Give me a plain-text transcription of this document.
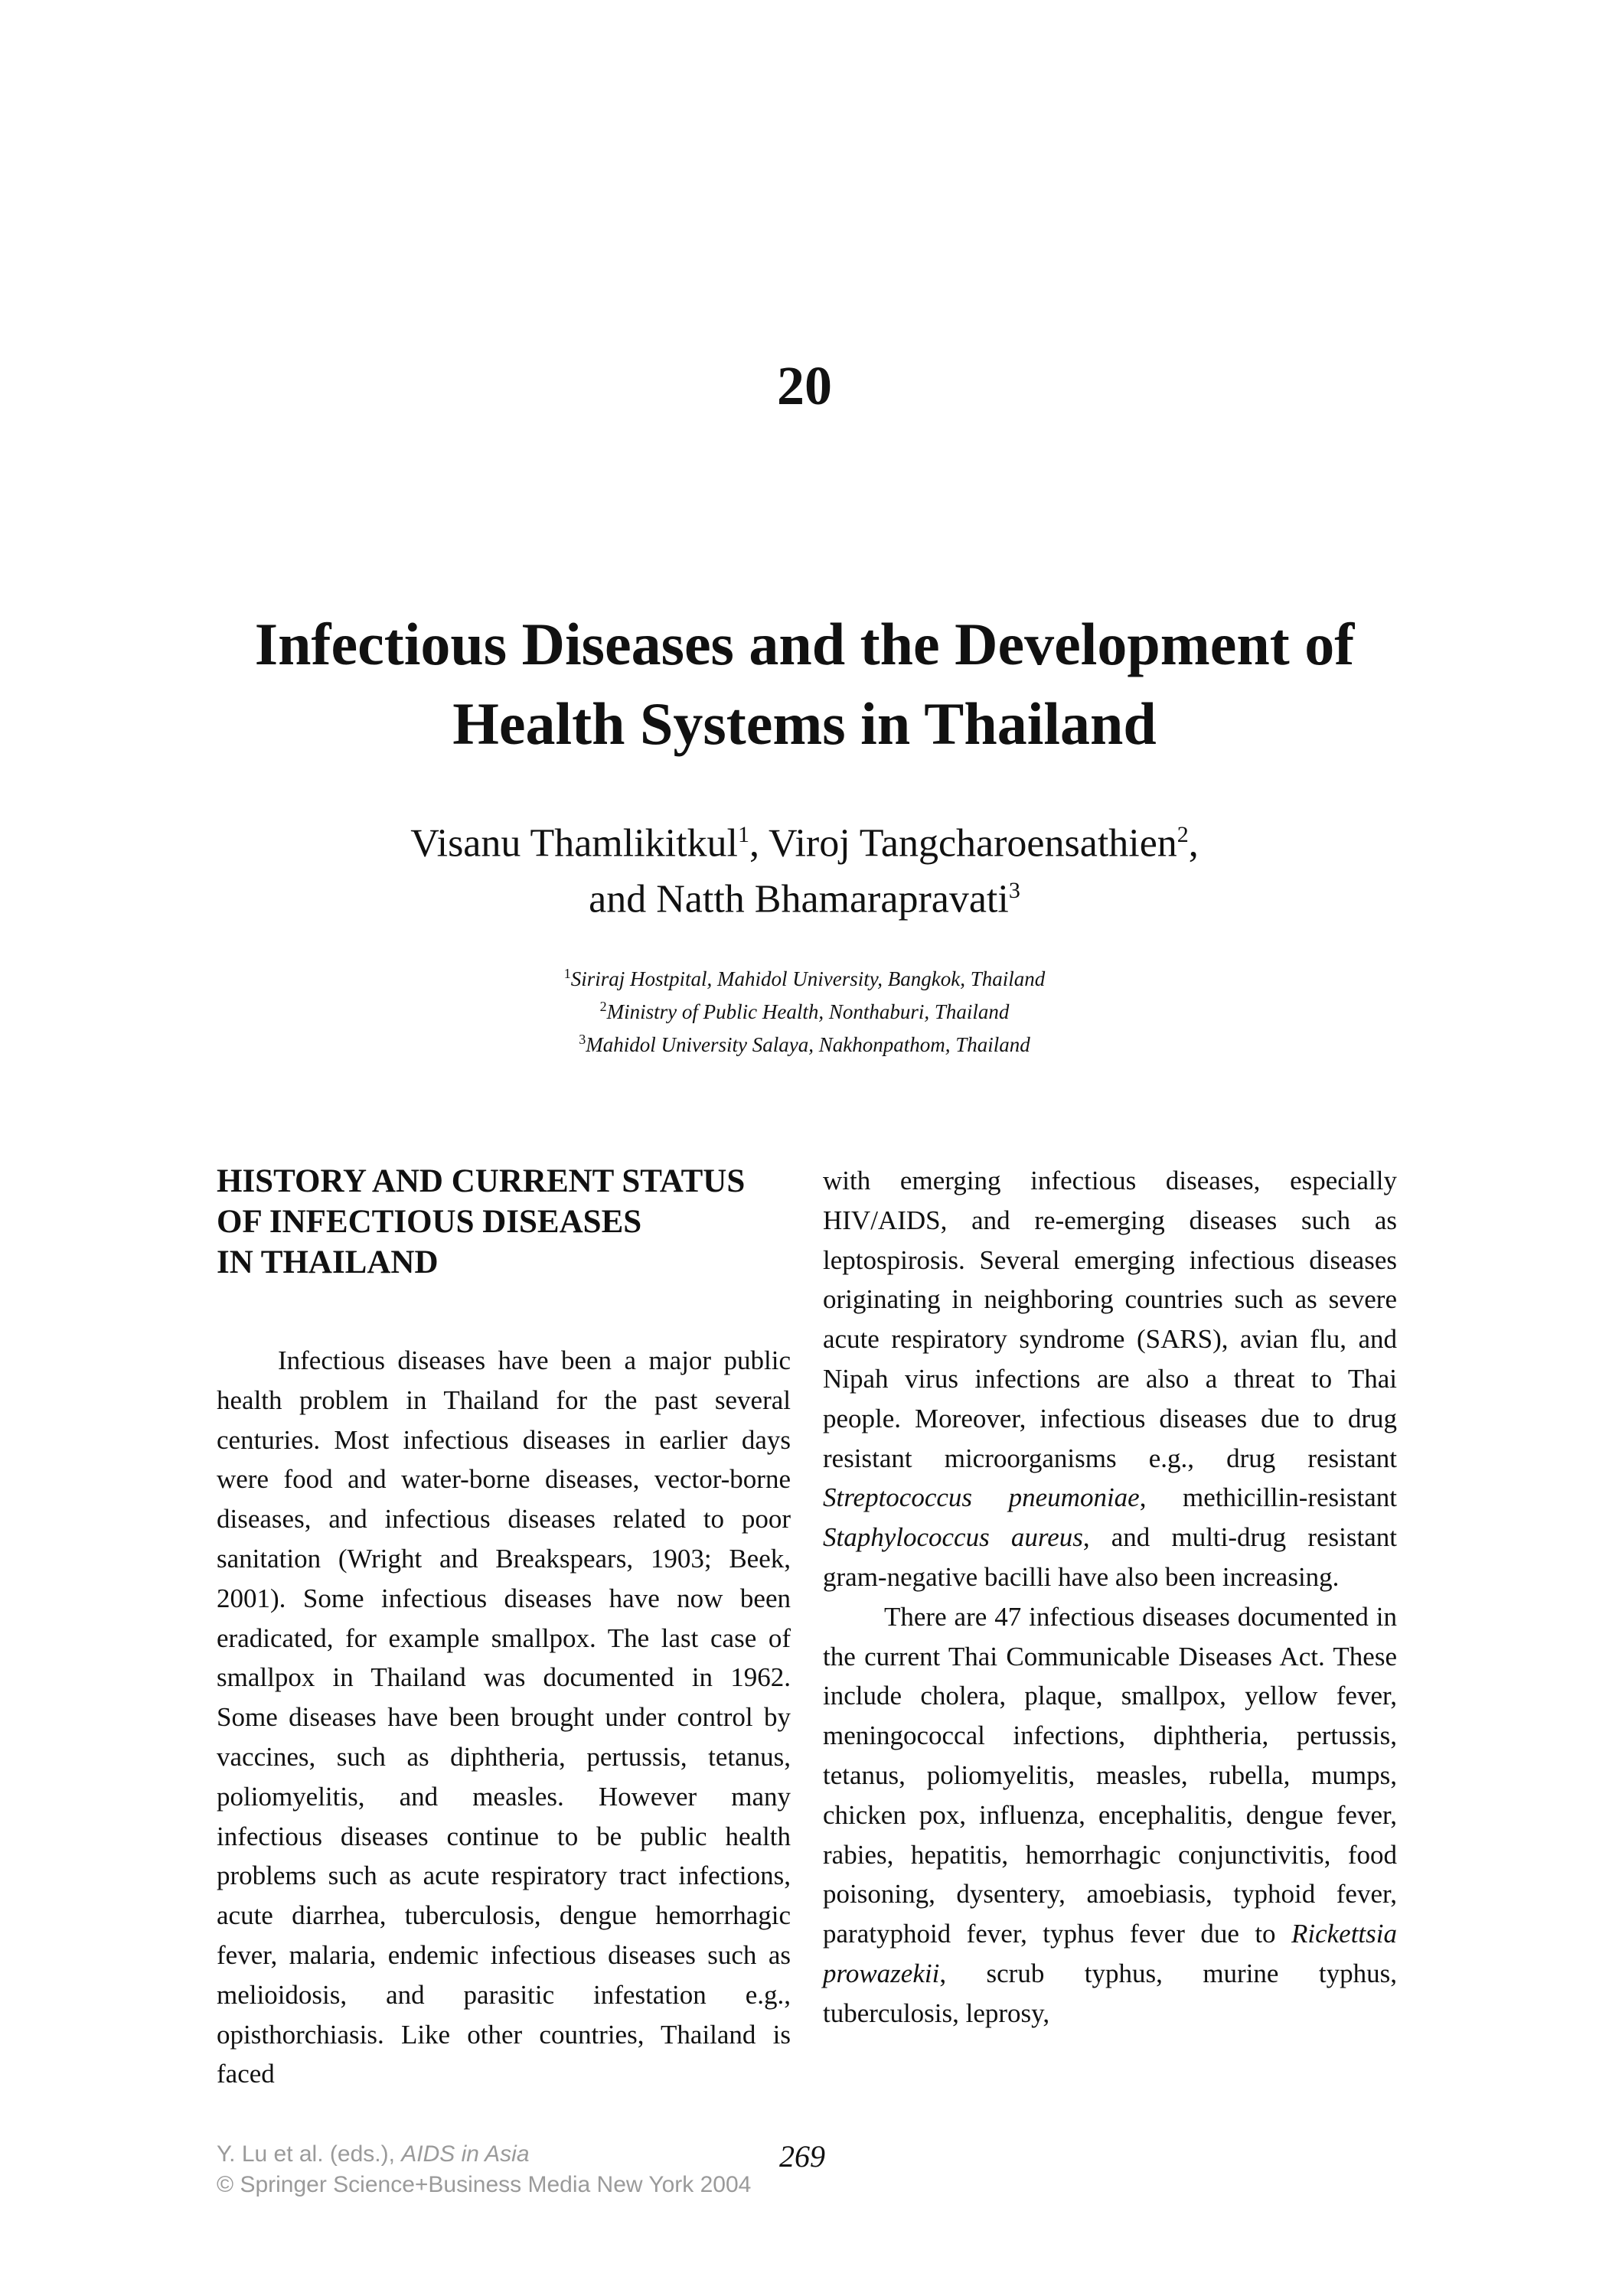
20
Infectious Diseases and the Development of
Health Systems in Thailand
Visanu Thamlikitkul$^1$, Viroj Tangcharoensathien$^2$,
and Natth Bhamarapravati$^3$
$^1$Siriraj Hostpital, Mahidol University, Bangkok, Thailand
$^2$Ministry of Public Health, Nonthaburi, Thailand
$^3$Mahidol University Salaya, Nakhonpathom, Thailand
HISTORY AND CURRENT STATUS
OF INFECTIOUS DISEASES
IN THAILAND

Infectious diseases have been a major public health problem in Thailand for the past several centuries. Most infectious diseases in earlier days were food and water-borne diseases, vector-borne diseases, and infectious diseases related to poor sanitation (Wright and Breakspears, 1903; Beek, 2001). Some infectious diseases have now been eradicated, for example smallpox. The last case of smallpox in Thailand was documented in 1962. Some diseases have been brought under control by vaccines, such as diphtheria, pertussis, tetanus, poliomyelitis, and measles. However many infectious diseases continue to be public health problems such as acute respiratory tract infections, acute diarrhea, tuberculosis, dengue hemorrhagic fever, malaria, endemic infectious diseases such as melioidosis, and parasitic infestation e.g., opisthorchiasis. Like other countries, Thailand is faced

with emerging infectious diseases, especially HIV/AIDS, and re-emerging diseases such as leptospirosis. Several emerging infectious diseases originating in neighboring countries such as severe acute respiratory syndrome (SARS), avian flu, and Nipah virus infections are also a threat to Thai people. Moreover, infectious diseases due to drug resistant microorganisms e.g., drug resistant Streptococcus pneumoniae, methicillin-resistant Staphylococcus aureus, and multi-drug resistant gram-negative bacilli have also been increasing.

There are 47 infectious diseases documented in the current Thai Communicable Diseases Act. These include cholera, plaque, smallpox, yellow fever, meningococcal infections, diphtheria, pertussis, tetanus, poliomyelitis, measles, rubella, mumps, chicken pox, influenza, encephalitis, dengue fever, rabies, hepatitis, hemorrhagic conjunctivitis, food poisoning, dysentery, amoebiasis, typhoid fever, paratyphoid fever, typhus fever due to Rickettsia prowazekii, scrub typhus, murine typhus, tuberculosis, leprosy,

Y. Lu et al. (eds.), AIDS in Asia
© Springer Science+Business Media New York 2004
269
